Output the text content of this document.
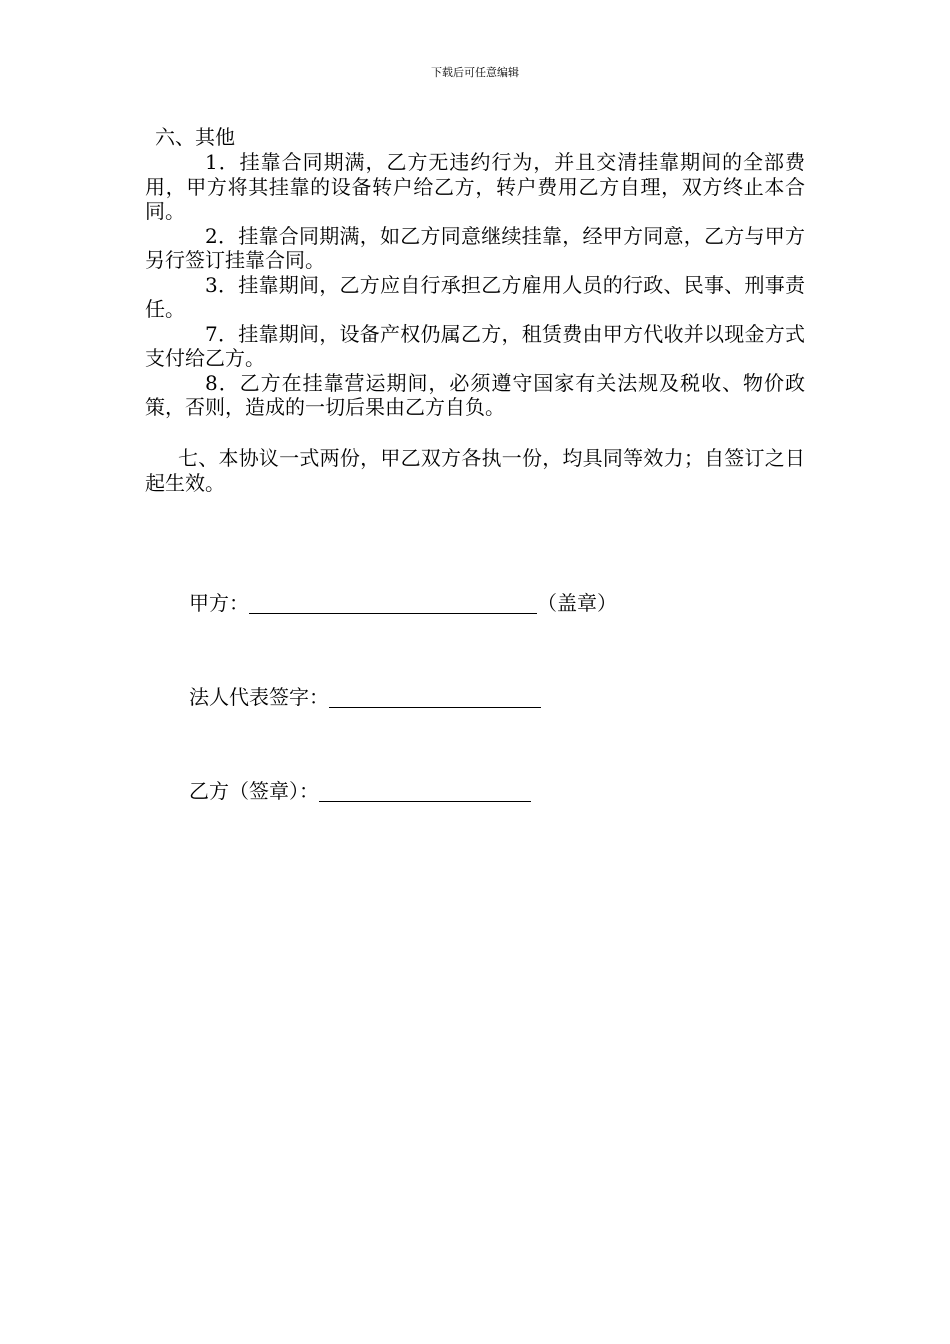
下载后可任意编辑
六、其他

1．挂靠合同期满，乙方无违约行为，并且交清挂靠期间的全部费用，甲方将其挂靠的设备转户给乙方，转户费用乙方自理，双方终止本合同。

2．挂靠合同期满，如乙方同意继续挂靠，经甲方同意，乙方与甲方另行签订挂靠合同。

3．挂靠期间，乙方应自行承担乙方雇用人员的行政、民事、刑事责任。

7．挂靠期间，设备产权仍属乙方，租赁费由甲方代收并以现金方式支付给乙方。

8．乙方在挂靠营运期间，必须遵守国家有关法规及税收、物价政策，否则，造成的一切后果由乙方自负。

七、本协议一式两份，甲乙双方各执一份，均具同等效力；自签订之日起生效。

甲方：	（盖章）
法人代表签字：
乙方（签章）：
